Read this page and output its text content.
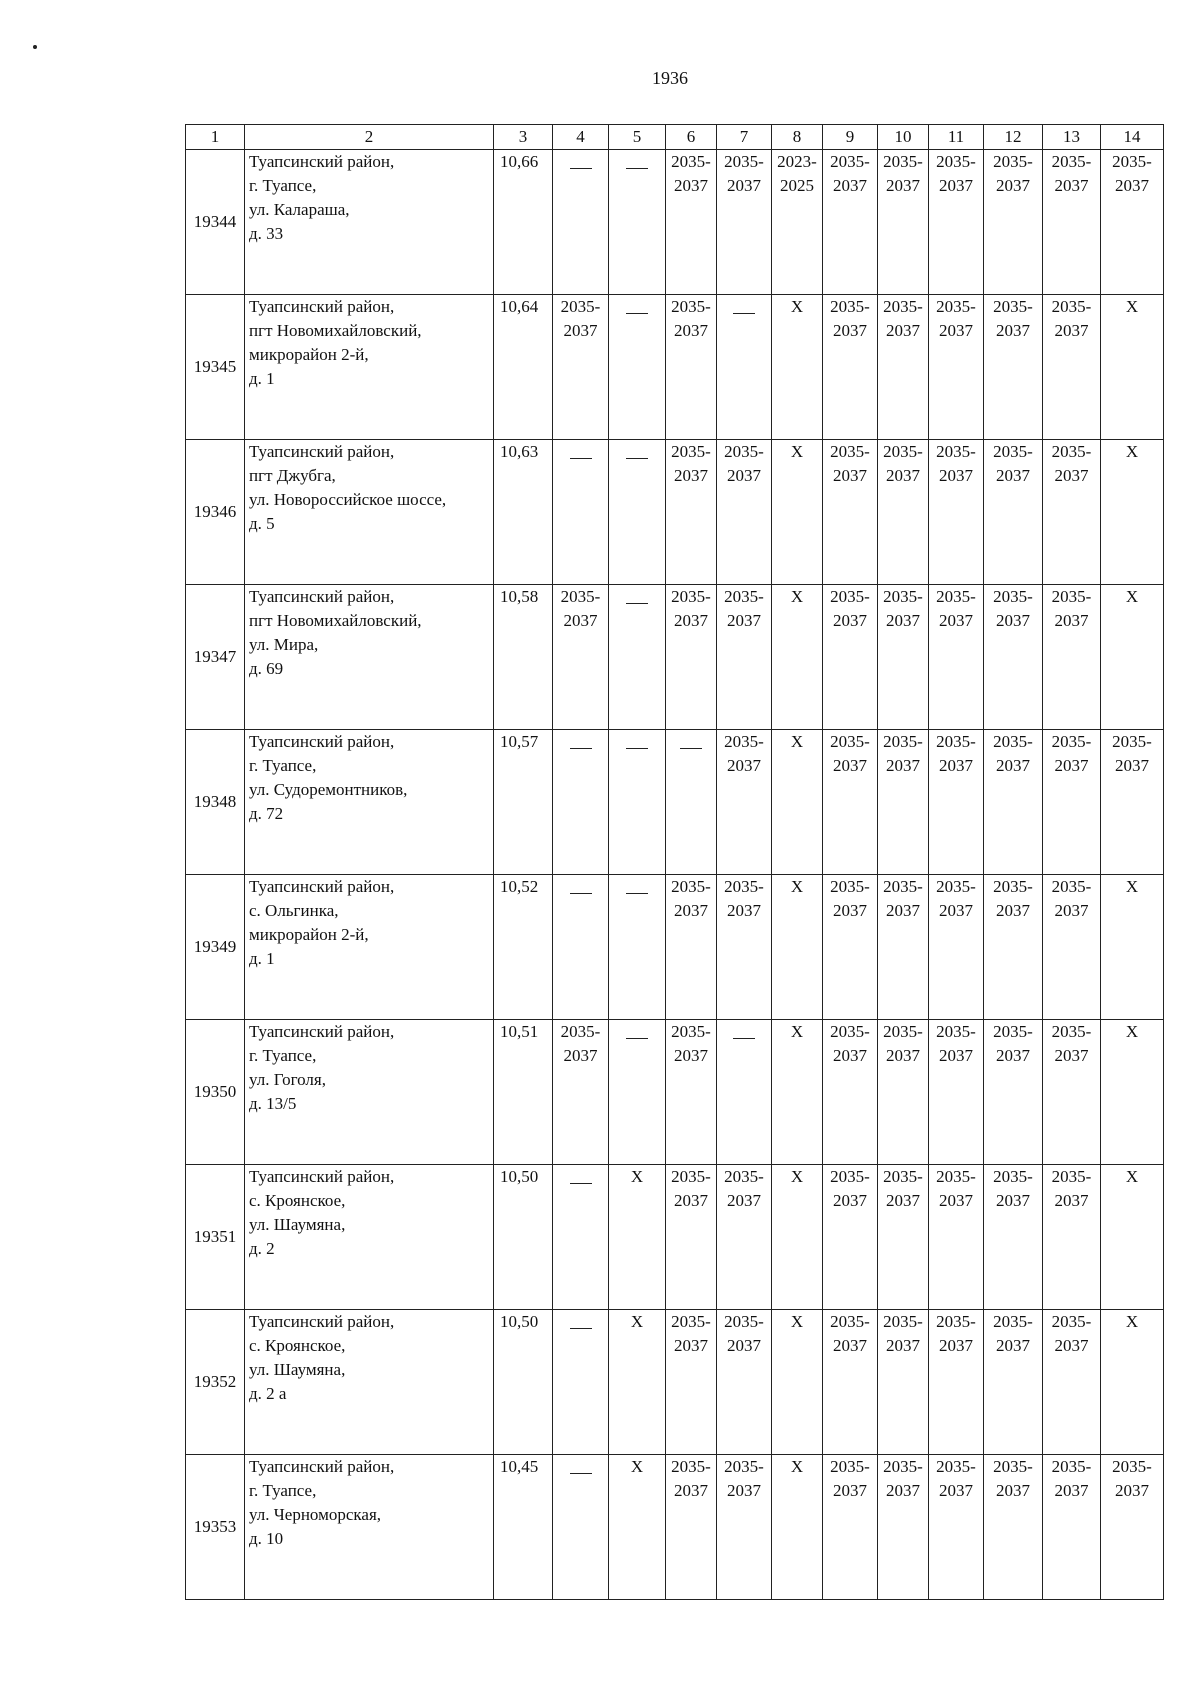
1936
1	2	3	4	5	6	7	8	9	10	11	12	13	14
19344	Туапсинский район,
г. Туапсе,
ул. Калараша,
д. 33	10,66			2035-
2037	2035-
2037	2023-
2025	2035-
2037	2035-
2037	2035-
2037	2035-
2037	2035-
2037	2035-
2037

19345	Туапсинский район,
пгт Новомихайловский,
микрорайон 2-й,
д. 1	10,64	2035-
2037		2035-
2037		X	2035-
2037	2035-
2037	2035-
2037	2035-
2037	2035-
2037	X
19346	Туапсинский район,
пгт Джубга,
ул. Новороссийское шоссе,
д. 5	10,63			2035-
2037	2035-
2037	X	2035-
2037	2035-
2037	2035-
2037	2035-
2037	2035-
2037	X
19347	Туапсинский район,
пгт Новомихайловский,
ул. Мира,
д. 69	10,58	2035-
2037		2035-
2037	2035-
2037	X	2035-
2037	2035-
2037	2035-
2037	2035-
2037	2035-
2037	X
19348	Туапсинский район,
г. Туапсе,
ул. Судоремонтников,
д. 72	10,57				2035-
2037	X	2035-
2037	2035-
2037	2035-
2037	2035-
2037	2035-
2037	2035-
2037

19349	Туапсинский район,
с. Ольгинка,
микрорайон 2-й,
д. 1	10,52			2035-
2037	2035-
2037	X	2035-
2037	2035-
2037	2035-
2037	2035-
2037	2035-
2037	X
19350	Туапсинский район,
г. Туапсе,
ул. Гоголя,
д. 13/5	10,51	2035-
2037		2035-
2037		X	2035-
2037	2035-
2037	2035-
2037	2035-
2037	2035-
2037	X
19351	Туапсинский район,
с. Кроянское,
ул. Шаумяна,
д. 2	10,50		X	2035-
2037	2035-
2037	X	2035-
2037	2035-
2037	2035-
2037	2035-
2037	2035-
2037	X
19352	Туапсинский район,
с. Кроянское,
ул. Шаумяна,
д. 2 а	10,50		X	2035-
2037	2035-
2037	X	2035-
2037	2035-
2037	2035-
2037	2035-
2037	2035-
2037	X
19353	Туапсинский район,
г. Туапсе,
ул. Черноморская,
д. 10	10,45		X	2035-
2037	2035-
2037	X	2035-
2037	2035-
2037	2035-
2037	2035-
2037	2035-
2037	2035-
2037
